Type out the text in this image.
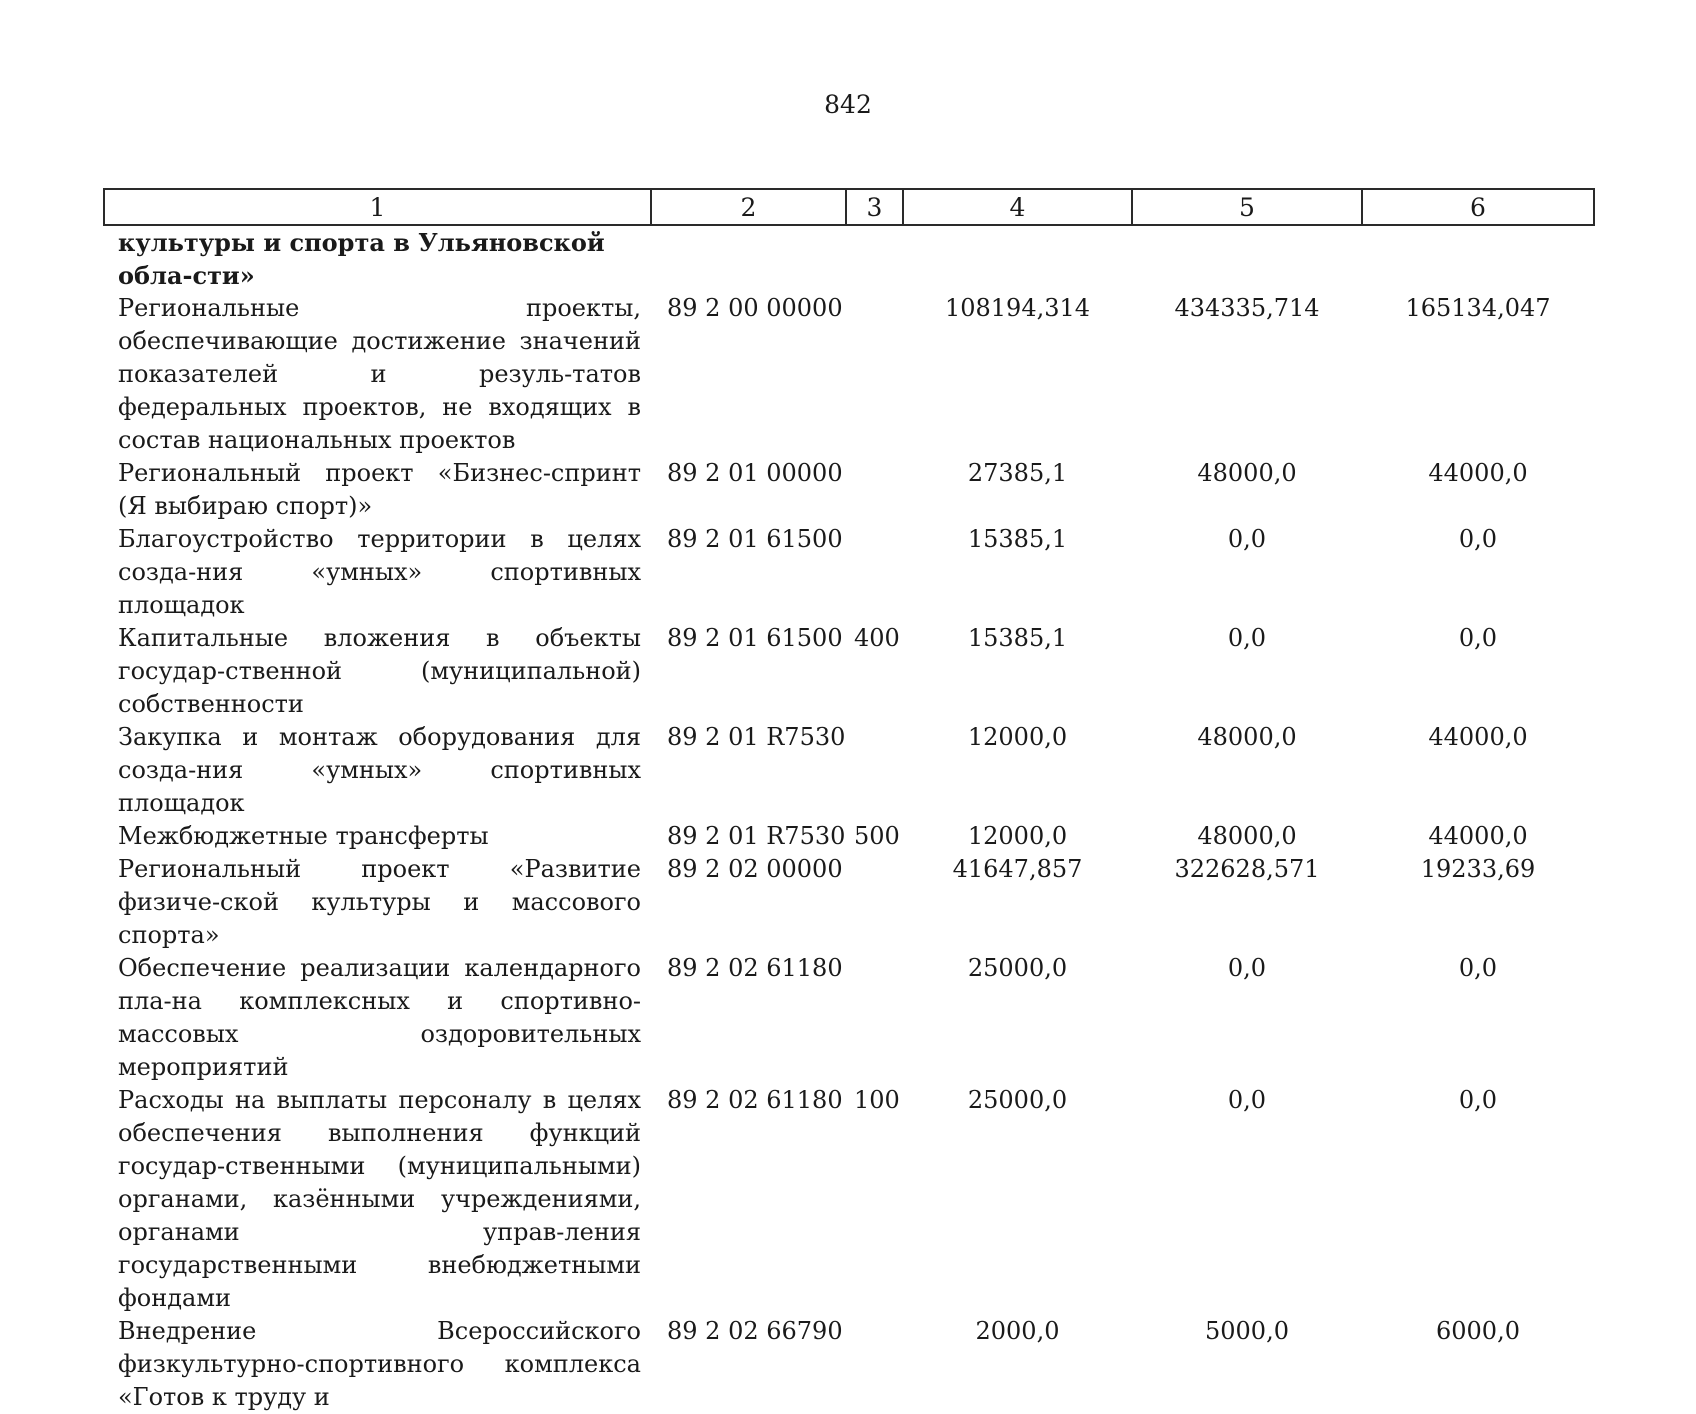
842
1	2	3	4	5	6
культуры и спорта в Ульяновской обла-сти»					
Региональные проекты, обеспечивающие достижение значений показателей и резуль-татов федеральных проектов, не входящих в состав национальных проектов	89 2 00 00000		108194,314	434335,714	165134,047
Региональный проект «Бизнес-спринт (Я выбираю спорт)»	89 2 01 00000		27385,1	48000,0	44000,0
Благоустройство территории в целях созда-ния «умных» спортивных площадок	89 2 01 61500		15385,1	0,0	0,0
Капитальные вложения в объекты государ-ственной (муниципальной) собственности	89 2 01 61500	400	15385,1	0,0	0,0
Закупка и монтаж оборудования для созда-ния «умных» спортивных площадок	89 2 01 R7530		12000,0	48000,0	44000,0
Межбюджетные трансферты	89 2 01 R7530	500	12000,0	48000,0	44000,0
Региональный проект «Развитие физиче-ской культуры и массового спорта»	89 2 02 00000		41647,857	322628,571	19233,69
Обеспечение реализации календарного пла-на комплексных и спортивно-массовых оздоровительных мероприятий	89 2 02 61180		25000,0	0,0	0,0
Расходы на выплаты персоналу в целях обеспечения выполнения функций государ-ственными (муниципальными) органами, казёнными учреждениями, органами управ-ления государственными внебюджетными фондами	89 2 02 61180	100	25000,0	0,0	0,0
Внедрение Всероссийского физкультурно-спортивного комплекса «Готов к труду и	89 2 02 66790		2000,0	5000,0	6000,0
